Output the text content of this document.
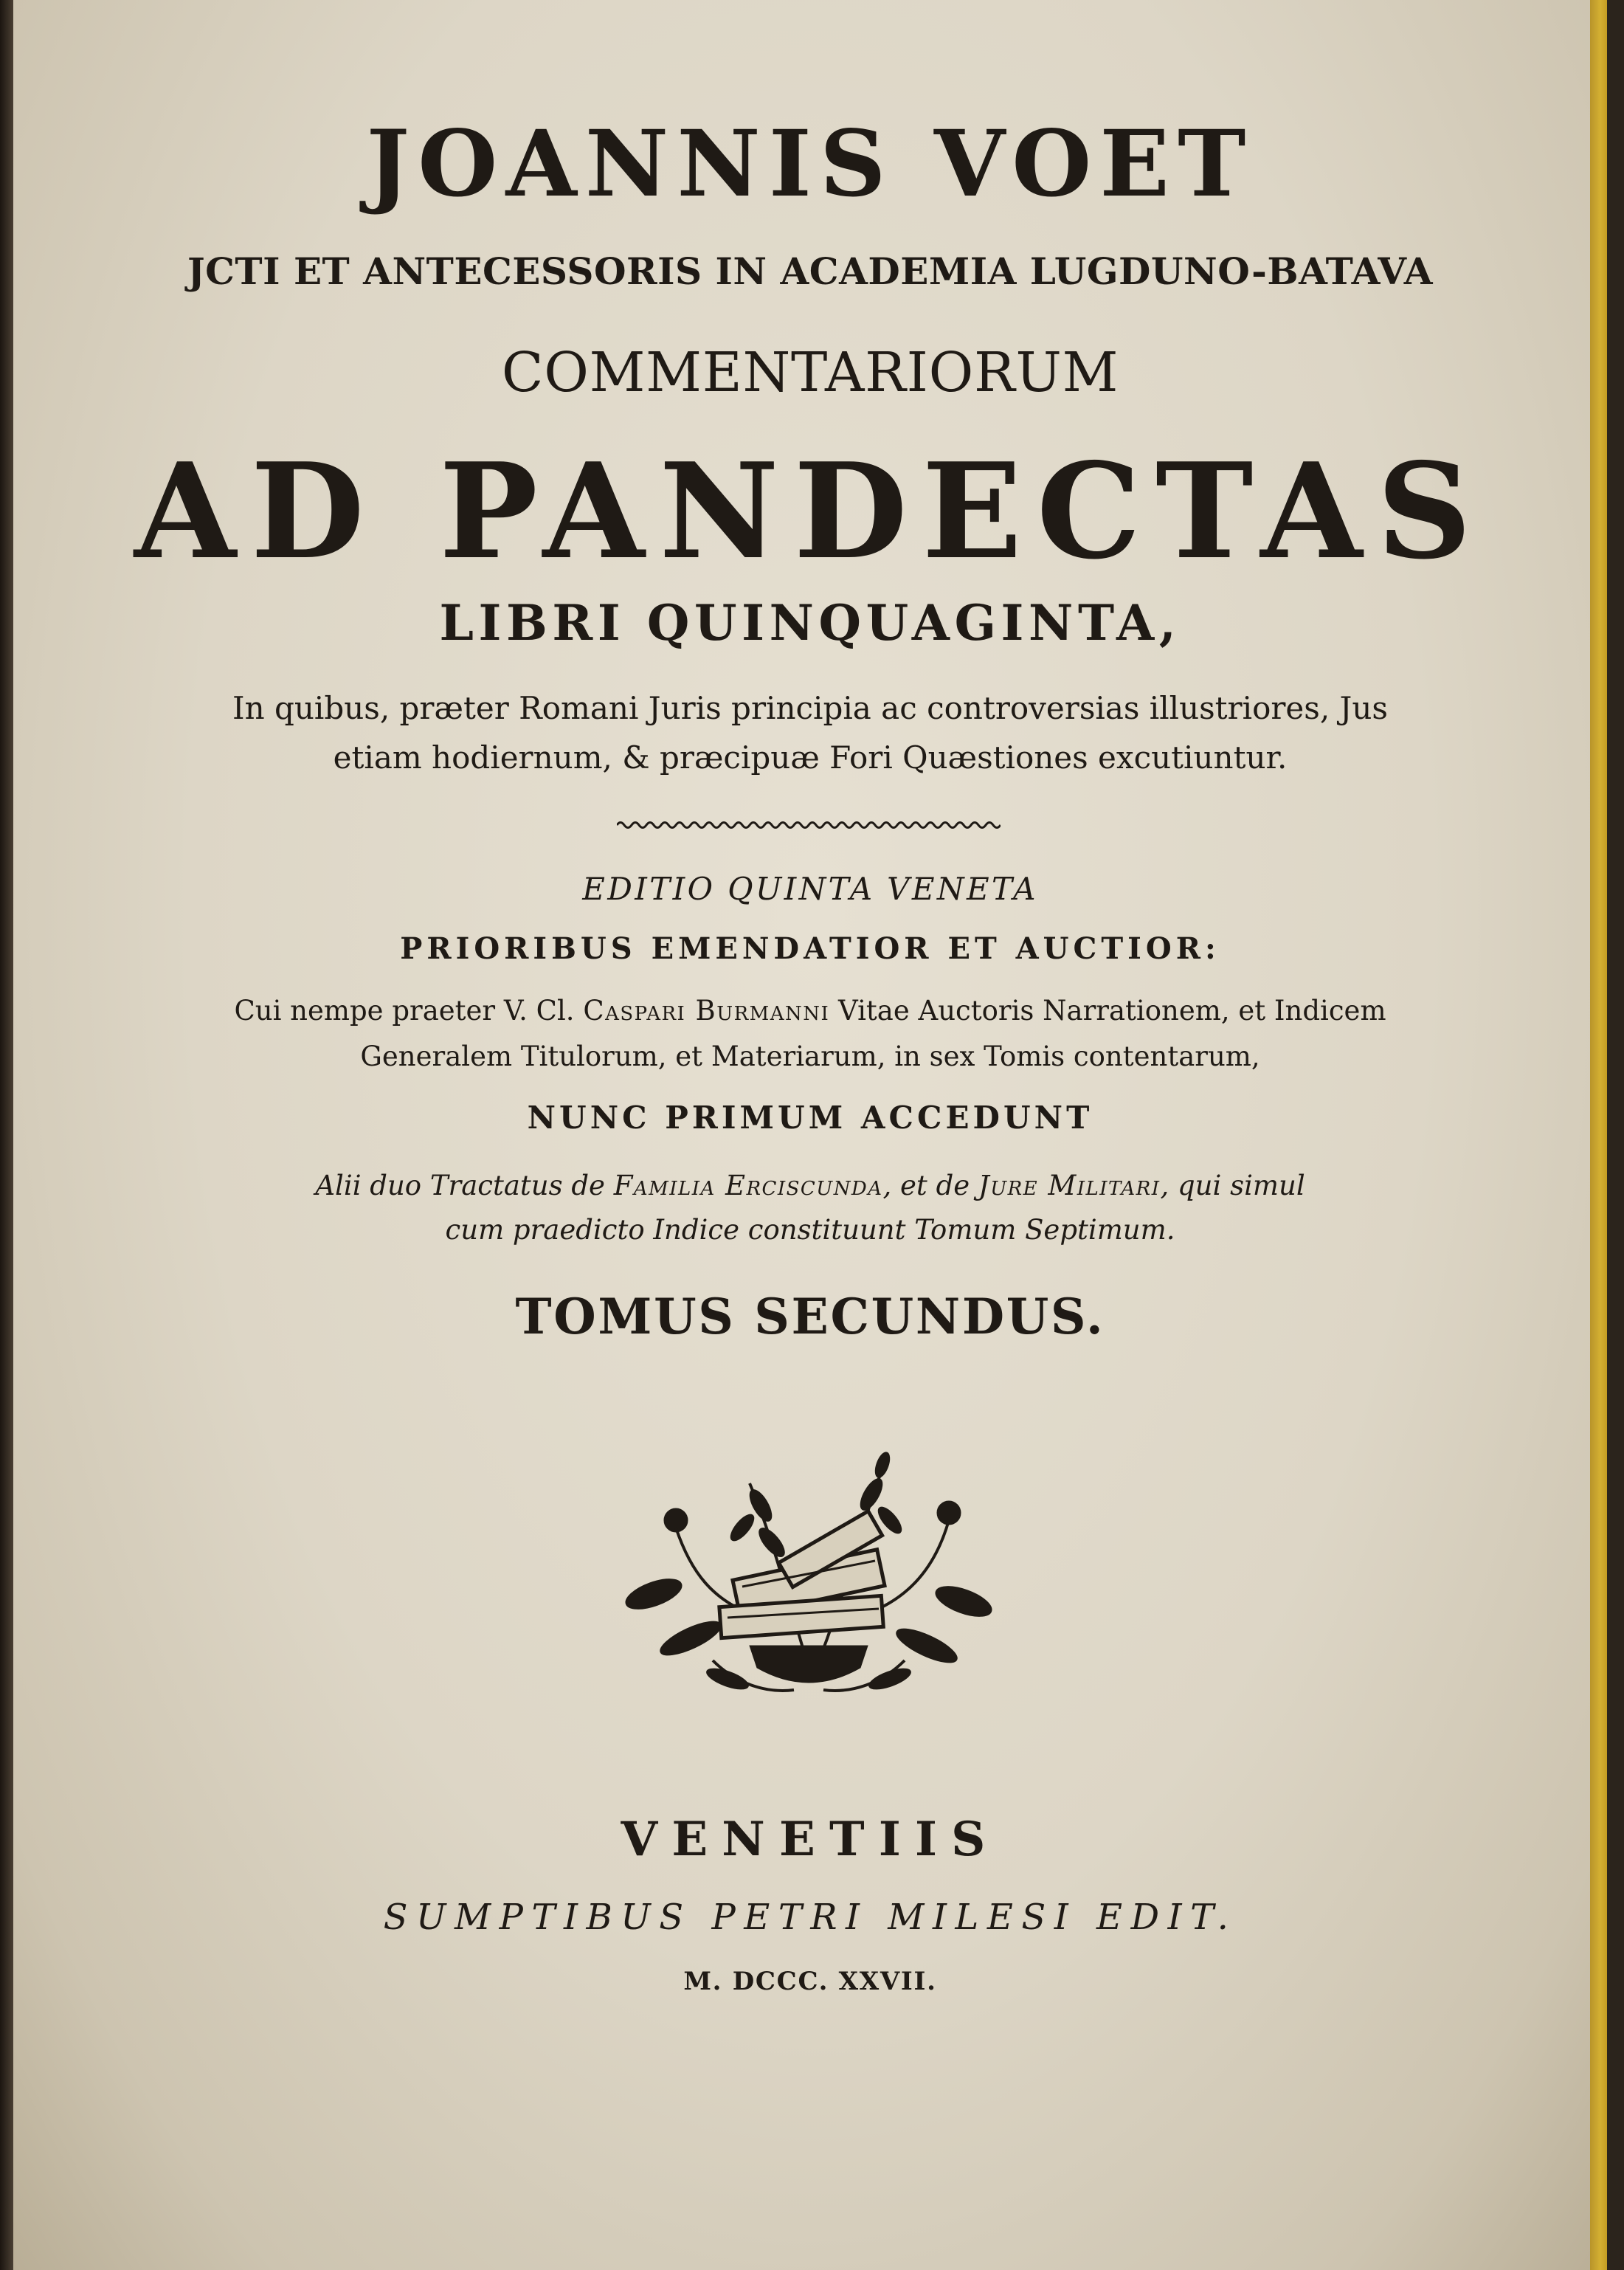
JOANNIS VOET
JCTI ET ANTECESSORIS IN ACADEMIA LUGDUNO-BATAVA
COMMENTARIORUM
AD PANDECTAS
LIBRI QUINQUAGINTA,
In quibus, præter Romani Juris principia ac controversias illustriores, Jus
etiam hodiernum, & præcipuæ Fori Quæstiones excutiuntur.
EDITIO QUINTA VENETA
PRIORIBUS EMENDATIOR ET AUCTIOR:
Cui nempe praeter V. Cl. Caspari Burmanni Vitae Auctoris Narrationem, et Indicem
Generalem Titulorum, et Materiarum, in sex Tomis contentarum,
NUNC PRIMUM ACCEDUNT
Alii duo Tractatus de Familia Erciscunda, et de Jure Militari, qui simul
cum praedicto Indice constituunt Tomum Septimum.
TOMUS SECUNDUS.
VENETIIS
SUMPTIBUS PETRI MILESI EDIT.
M. DCCC. XXVII.
